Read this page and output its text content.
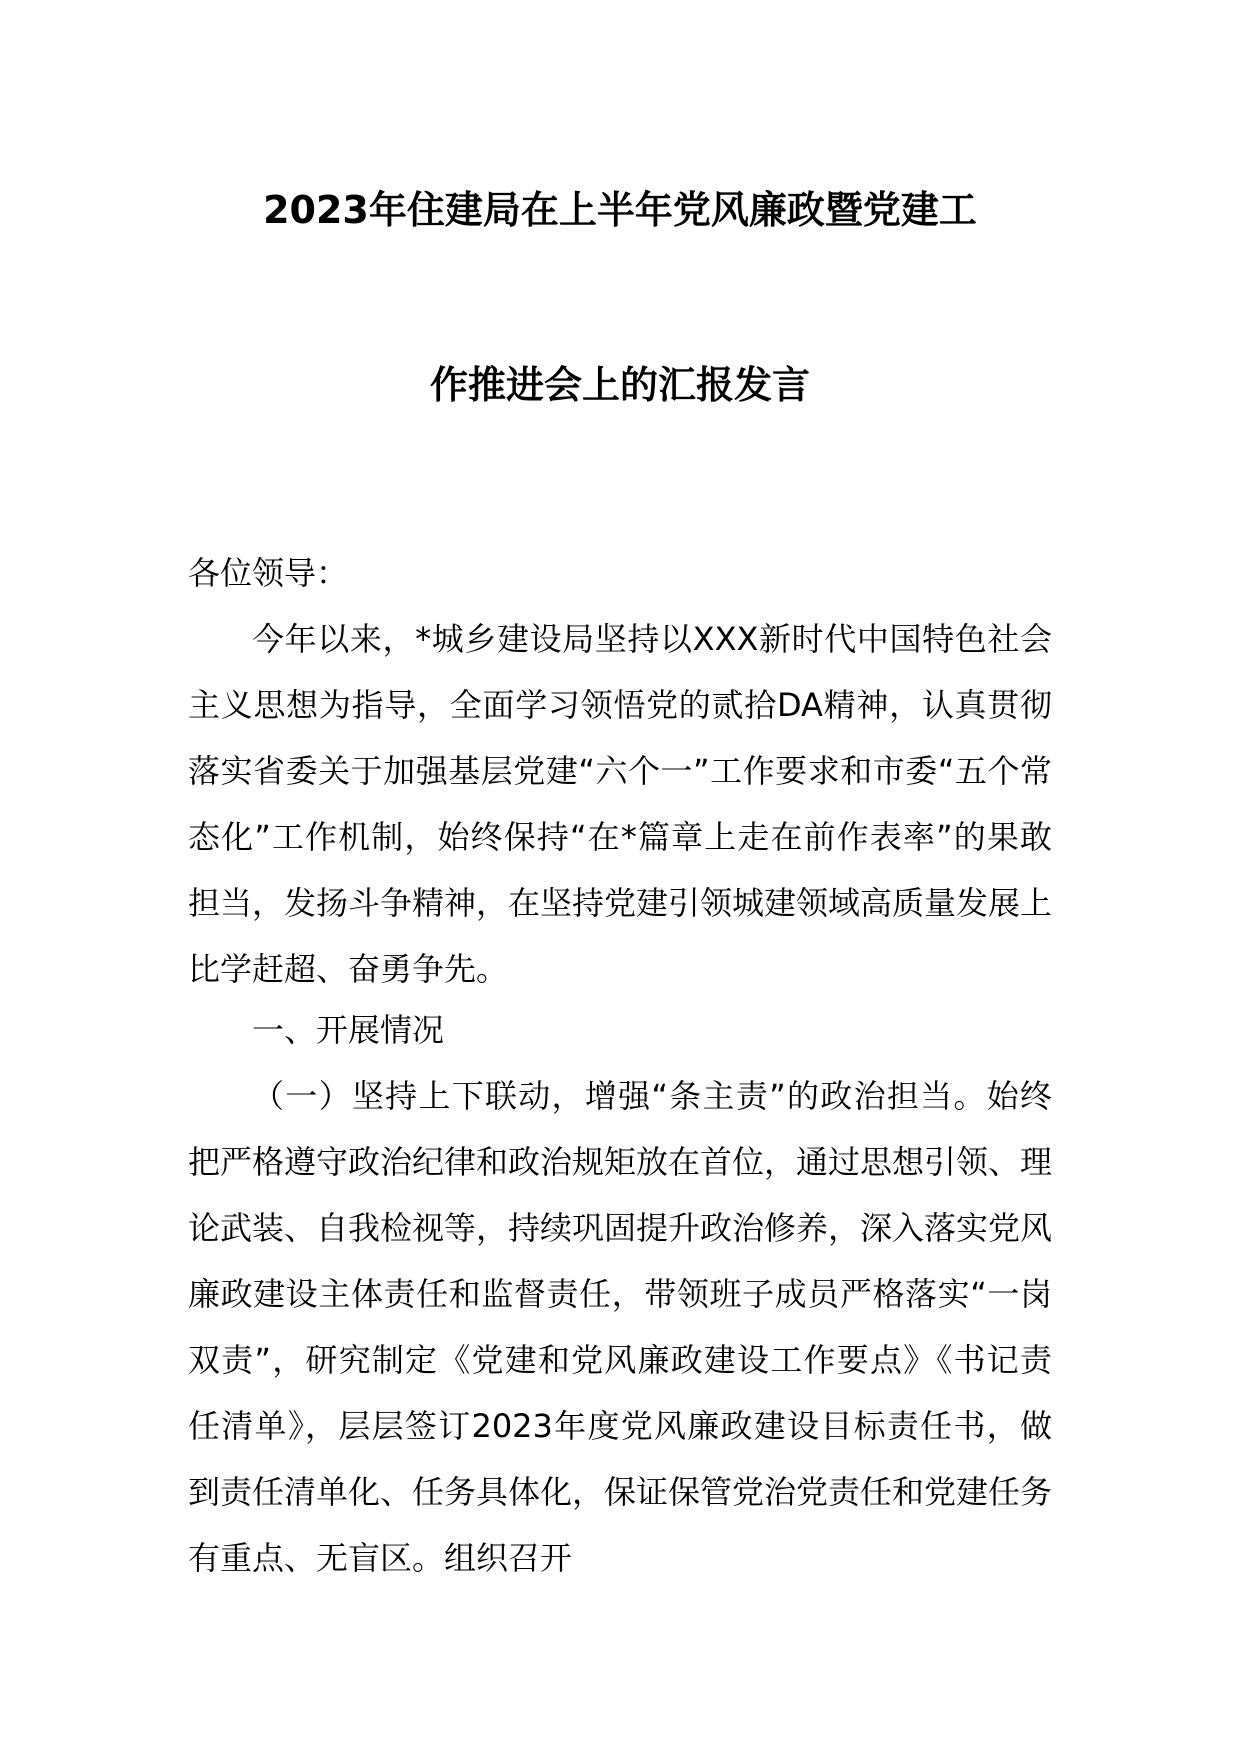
2023年住建局在上半年党风廉政暨党建工
作推进会上的汇报发言
各位领导：
今年以来，*城乡建设局坚持以XXX新时代中国特色社会主义思想为指导，全面学习领悟党的贰拾DA精神，认真贯彻落实省委关于加强基层党建“六个一”工作要求和市委“五个常态化”工作机制，始终保持“在*篇章上走在前作表率”的果敢担当，发扬斗争精神，在坚持党建引领城建领域高质量发展上比学赶超、奋勇争先。
一、开展情况
（一）坚持上下联动，增强“条主责”的政治担当。始终把严格遵守政治纪律和政治规矩放在首位，通过思想引领、理论武装、自我检视等，持续巩固提升政治修养，深入落实党风廉政建设主体责任和监督责任，带领班子成员严格落实“一岗双责”，研究制定《党建和党风廉政建设工作要点》《书记责任清单》，层层签订2023年度党风廉政建设目标责任书，做到责任清单化、任务具体化，保证保管党治党责任和党建任务有重点、无盲区。组织召开
